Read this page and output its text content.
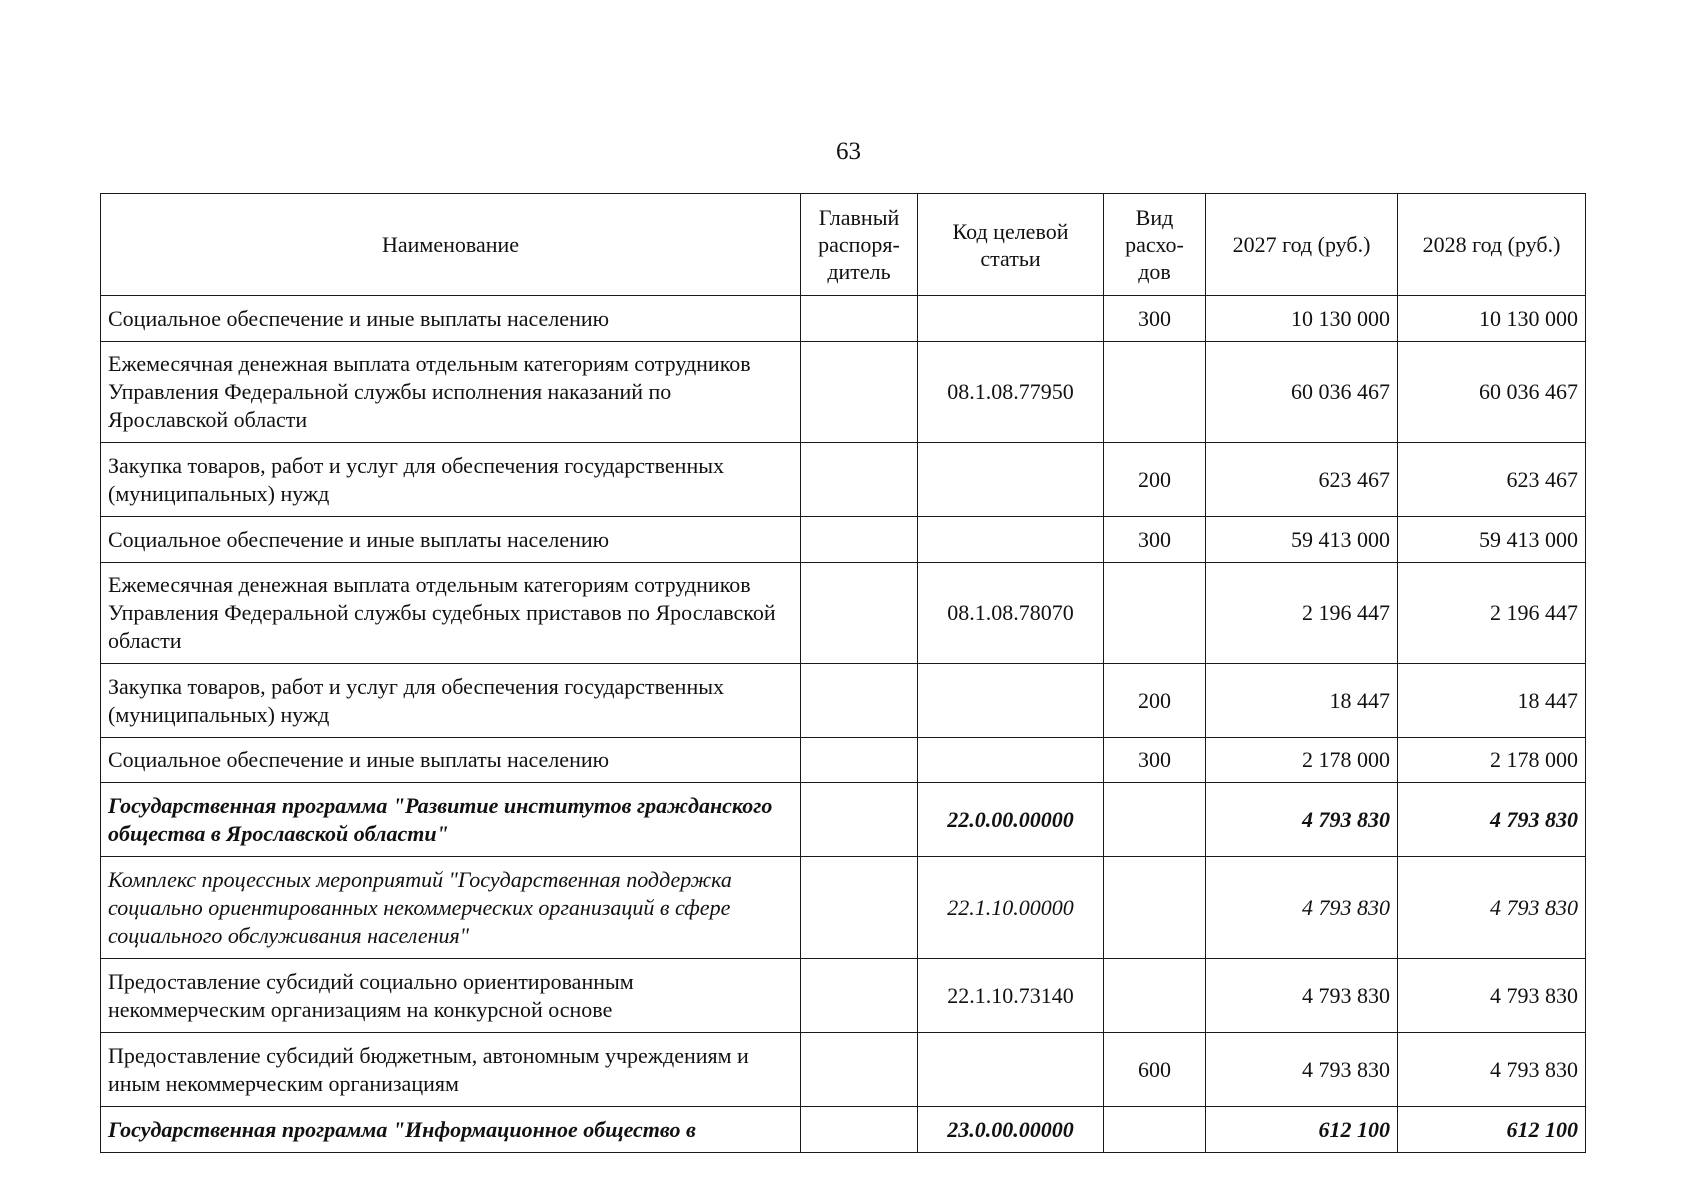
63
Наименование	Главный распоря-дитель	Код целевой статьи	Вид расхо-дов	2027 год (руб.)	2028 год (руб.)
Социальное обеспечение и иные выплаты населению			300	10 130 000	10 130 000
Ежемесячная денежная выплата отдельным категориям сотрудников Управления Федеральной службы исполнения наказаний по Ярославской области		08.1.08.77950		60 036 467	60 036 467
Закупка товаров, работ и услуг для обеспечения государственных (муниципальных) нужд			200	623 467	623 467
Социальное обеспечение и иные выплаты населению			300	59 413 000	59 413 000
Ежемесячная денежная выплата отдельным категориям сотрудников Управления Федеральной службы судебных приставов по Ярославской области		08.1.08.78070		2 196 447	2 196 447
Закупка товаров, работ и услуг для обеспечения государственных (муниципальных) нужд			200	18 447	18 447
Социальное обеспечение и иные выплаты населению			300	2 178 000	2 178 000
Государственная программа "Развитие институтов гражданского общества в Ярославской области"		22.0.00.00000		4 793 830	4 793 830
Комплекс процессных мероприятий "Государственная поддержка социально ориентированных некоммерческих организаций в сфере социального обслуживания населения"		22.1.10.00000		4 793 830	4 793 830
Предоставление субсидий социально ориентированным некоммерческим организациям на конкурсной основе		22.1.10.73140		4 793 830	4 793 830
Предоставление субсидий бюджетным, автономным учреждениям и иным некоммерческим организациям			600	4 793 830	4 793 830
Государственная программа "Информационное общество в		23.0.00.00000		612 100	612 100
